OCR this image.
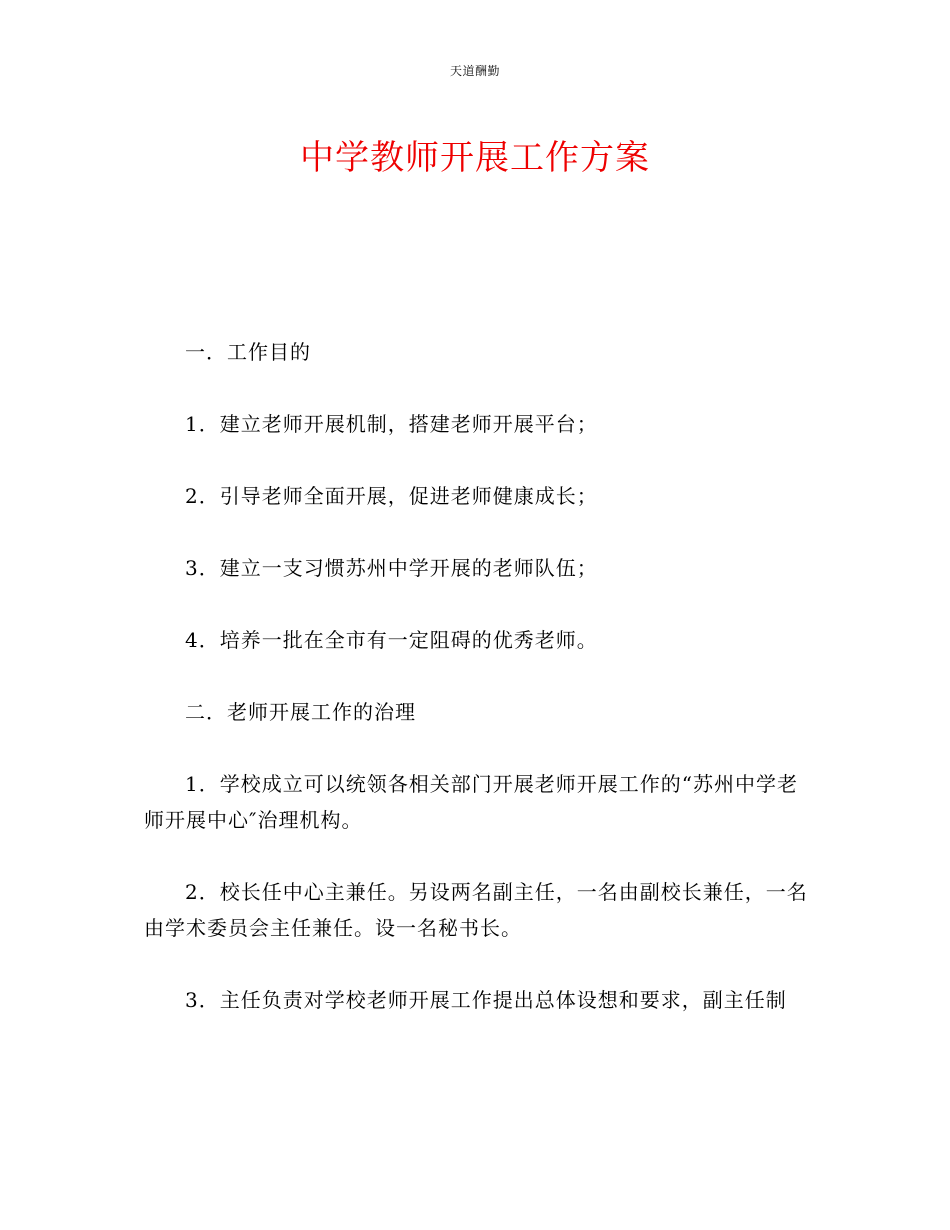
天道酬勤
中学教师开展工作方案

一．工作目的

1．建立老师开展机制，搭建老师开展平台；

2．引导老师全面开展，促进老师健康成长；

3．建立一支习惯苏州中学开展的老师队伍；

4．培养一批在全市有一定阻碍的优秀老师。

二．老师开展工作的治理

1．学校成立可以统领各相关部门开展老师开展工作的“苏州中学老师开展中心″治理机构。

2．校长任中心主兼任。另设两名副主任，一名由副校长兼任，一名由学术委员会主任兼任。设一名秘书长。

3．主任负责对学校老师开展工作提出总体设想和要求，副主任制
